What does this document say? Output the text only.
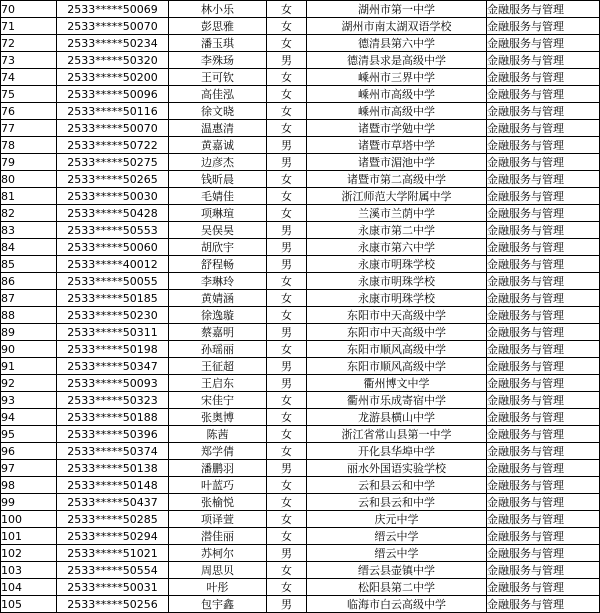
70	2533*****50069	林小乐	女	湖州市第一中学	金融服务与管理
71	2533*****50070	彭思雅	女	湖州市南太湖双语学校	金融服务与管理
72	2533*****50234	潘玉琪	女	德清县第六中学	金融服务与管理
73	2533*****50320	李殊玚	男	德清县求是高级中学	金融服务与管理
74	2533*****50200	王可钦	女	嵊州市三界中学	金融服务与管理
75	2533*****50096	高佳泓	女	嵊州市高级中学	金融服务与管理
76	2533*****50116	徐文晓	女	嵊州市高级中学	金融服务与管理
77	2533*****50070	温惠清	女	诸暨市学勉中学	金融服务与管理
78	2533*****50722	黄嘉诚	男	诸暨市草塔中学	金融服务与管理
79	2533*****50275	边彦杰	男	诸暨市湄池中学	金融服务与管理
80	2533*****50265	钱昕晨	女	诸暨市第二高级中学	金融服务与管理
81	2533*****50030	毛婧佳	女	浙江师范大学附属中学	金融服务与管理
82	2533*****50428	项琳瑄	女	兰溪市兰荫中学	金融服务与管理
83	2533*****50553	吴俣昊	男	永康市第二中学	金融服务与管理
84	2533*****50060	胡欣宇	男	永康市第六中学	金融服务与管理
85	2533*****40012	舒程畅	男	永康市明珠学校	金融服务与管理
86	2533*****50055	李琳玲	女	永康市明珠学校	金融服务与管理
87	2533*****50185	黄婧涵	女	永康市明珠学校	金融服务与管理
88	2533*****50230	徐逸璇	女	东阳市中天高级中学	金融服务与管理
89	2533*****50311	蔡嘉明	男	东阳市中天高级中学	金融服务与管理
90	2533*****50198	孙瑶丽	女	东阳市顺风高级中学	金融服务与管理
91	2533*****50347	王征超	男	东阳市顺风高级中学	金融服务与管理
92	2533*****50093	王启东	男	衢州博文中学	金融服务与管理
93	2533*****50323	宋佳宁	女	衢州市乐成寄宿中学	金融服务与管理
94	2533*****50188	张奥博	女	龙游县横山中学	金融服务与管理
95	2533*****50396	陈茜	女	浙江省常山县第一中学	金融服务与管理
96	2533*****50374	郑学倩	女	开化县华埠中学	金融服务与管理
97	2533*****50138	潘鹏羽	男	丽水外国语实验学校	金融服务与管理
98	2533*****50148	叶蓝巧	女	云和县云和中学	金融服务与管理
99	2533*****50437	张榆悦	女	云和县云和中学	金融服务与管理
100	2533*****50285	项译萱	女	庆元中学	金融服务与管理
101	2533*****50294	潜佳丽	女	缙云中学	金融服务与管理
102	2533*****51021	苏柯尔	男	缙云中学	金融服务与管理
103	2533*****50554	周思贝	女	缙云县壶镇中学	金融服务与管理
104	2533*****50031	叶彤	女	松阳县第二中学	金融服务与管理
105	2533*****50256	包宇鑫	男	临海市白云高级中学	金融服务与管理
